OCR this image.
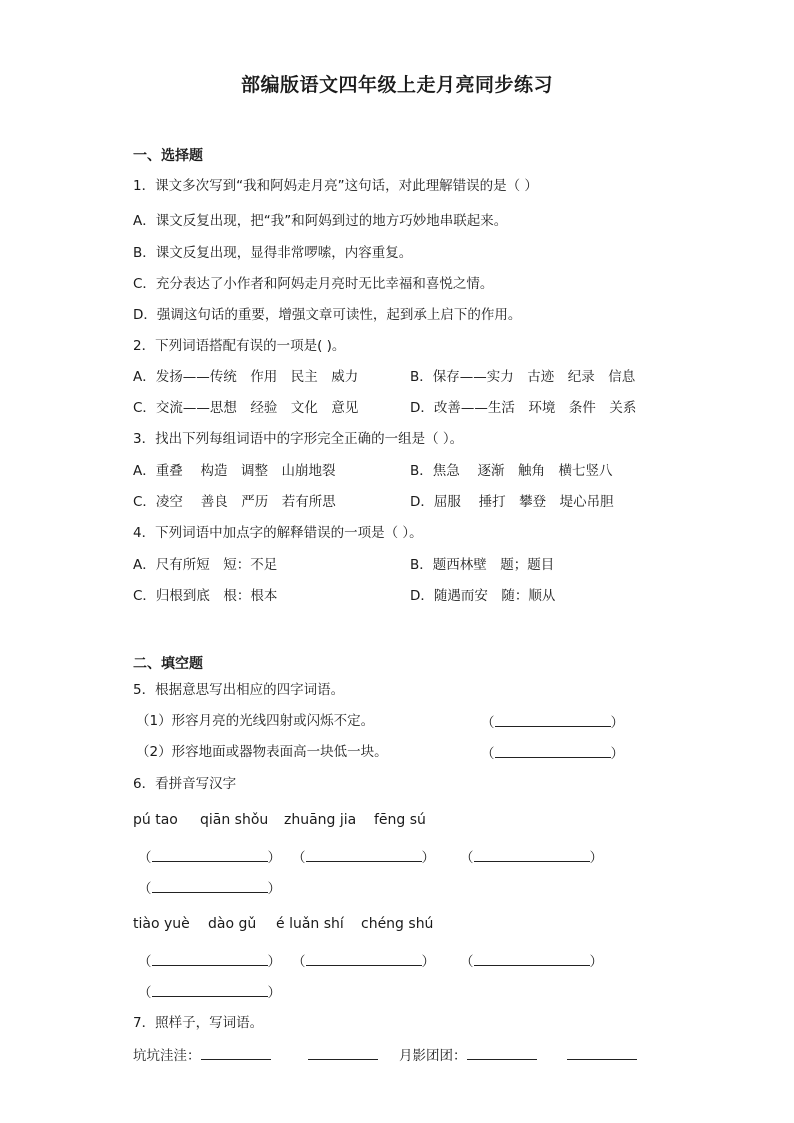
部编版语文四年级上走月亮同步练习
一、选择题
1．课文多次写到“我和阿妈走月亮”这句话，对此理解错误的是（ ）
A．课文反复出现，把“我”和阿妈到过的地方巧妙地串联起来。
B．课文反复出现，显得非常啰嗦，内容重复。
C．充分表达了小作者和阿妈走月亮时无比幸福和喜悦之情。
D．强调这句话的重要，增强文章可读性，起到承上启下的作用。
2．下列词语搭配有误的一项是( )。
A．发扬——传统　作用　民主　威力	B．保存——实力　古迹　纪录　信息
C．交流——思想　经验　文化　意见	D．改善——生活　环境　条件　关系
3．找出下列每组词语中的字形完全正确的一组是（ ）。
A．重叠　 构造　调整　山崩地裂	B．焦急　 逐渐　触角　横七竖八
C．凌空　 善良　严历　若有所思	D．屈服　 捶打　攀登　堤心吊胆
4．下列词语中加点字的解释错误的一项是（ ）。
A．尺有所短　短：不足	B．题西林壁　题；题目
C．归根到底　根：根本	D．随遇而安　随：顺从
二、填空题
5．根据意思写出相应的四字词语。
（1）形容月亮的光线四射或闪烁不定。	（	）
（2）形容地面或器物表面高一块低一块。	（	）
6．看拼音写汉字
pú tao qiān shǒu zhuāng jia fēng sú
（	） （	） （	）
（	）
tiào yuè dào gǔ é luǎn shí chéng shú
（	） （	） （	）
（	）
7．照样子，写词语。
坑坑洼洼：	月影团团：
